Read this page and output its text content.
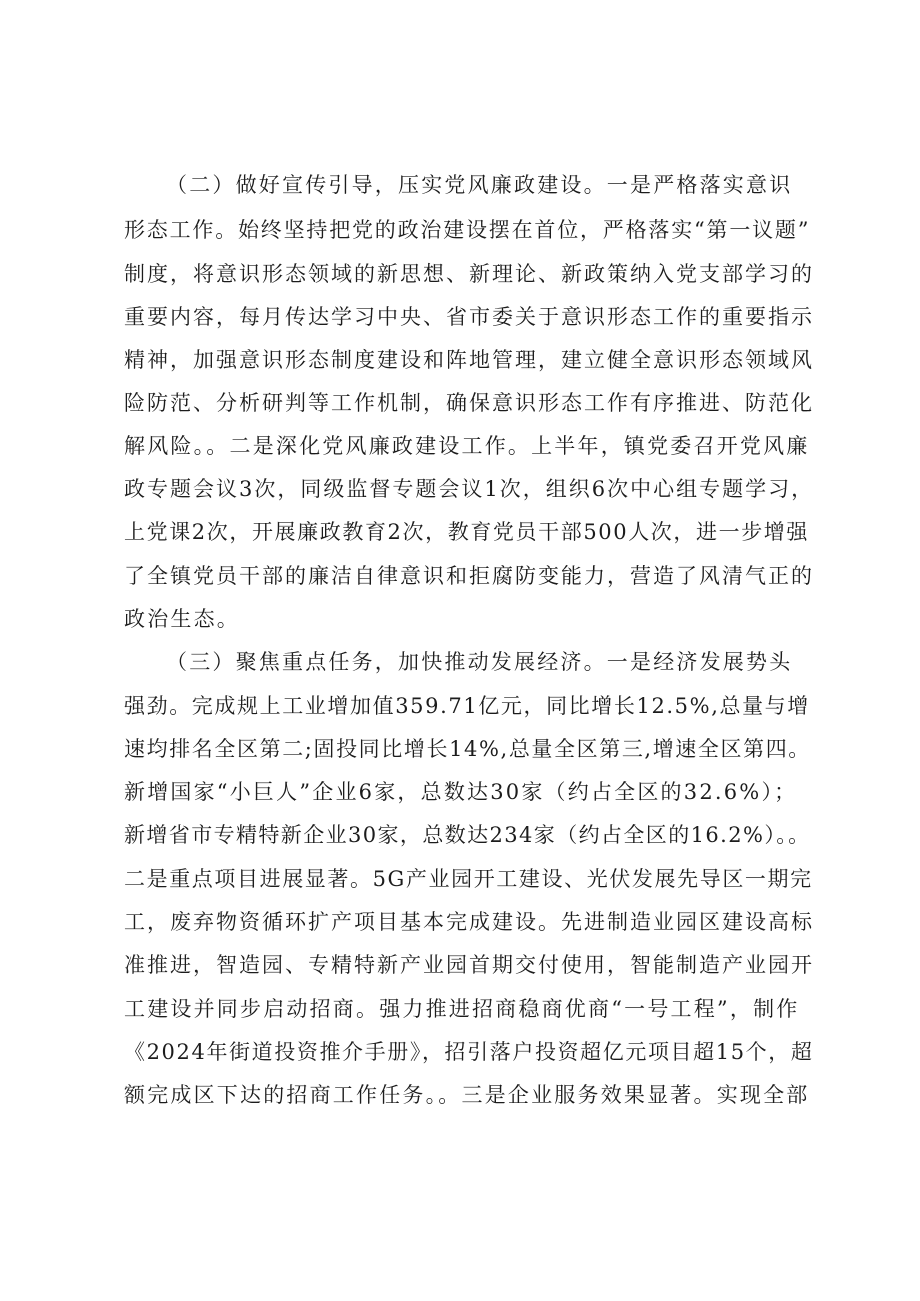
（二）做好宣传引导，压实党风廉政建设。一是严格落实意识
形态工作。始终坚持把党的政治建设摆在首位，严格落实“第一议题”
制度，将意识形态领域的新思想、新理论、新政策纳入党支部学习的
重要内容，每月传达学习中央、省市委关于意识形态工作的重要指示
精神，加强意识形态制度建设和阵地管理，建立健全意识形态领域风
险防范、分析研判等工作机制，确保意识形态工作有序推进、防范化
解风险。。二是深化党风廉政建设工作。上半年，镇党委召开党风廉
政专题会议3次，同级监督专题会议1次，组织6次中心组专题学习，
上党课2次，开展廉政教育2次，教育党员干部500人次，进一步增强
了全镇党员干部的廉洁自律意识和拒腐防变能力，营造了风清气正的
政治生态。
（三）聚焦重点任务，加快推动发展经济。一是经济发展势头
强劲。完成规上工业增加值359.71亿元，同比增长12.5%,总量与增
速均排名全区第二;固投同比增长14%,总量全区第三,增速全区第四。
新增国家“小巨人”企业6家，总数达30家（约占全区的32.6%）；
新增省市专精特新企业30家，总数达234家（约占全区的16.2%）。。
二是重点项目进展显著。5G产业园开工建设、光伏发展先导区一期完
工，废弃物资循环扩产项目基本完成建设。先进制造业园区建设高标
准推进，智造园、专精特新产业园首期交付使用，智能制造产业园开
工建设并同步启动招商。强力推进招商稳商优商“一号工程”，制作
《2024年街道投资推介手册》，招引落户投资超亿元项目超15个，超
额完成区下达的招商工作任务。。三是企业服务效果显著。实现全部
